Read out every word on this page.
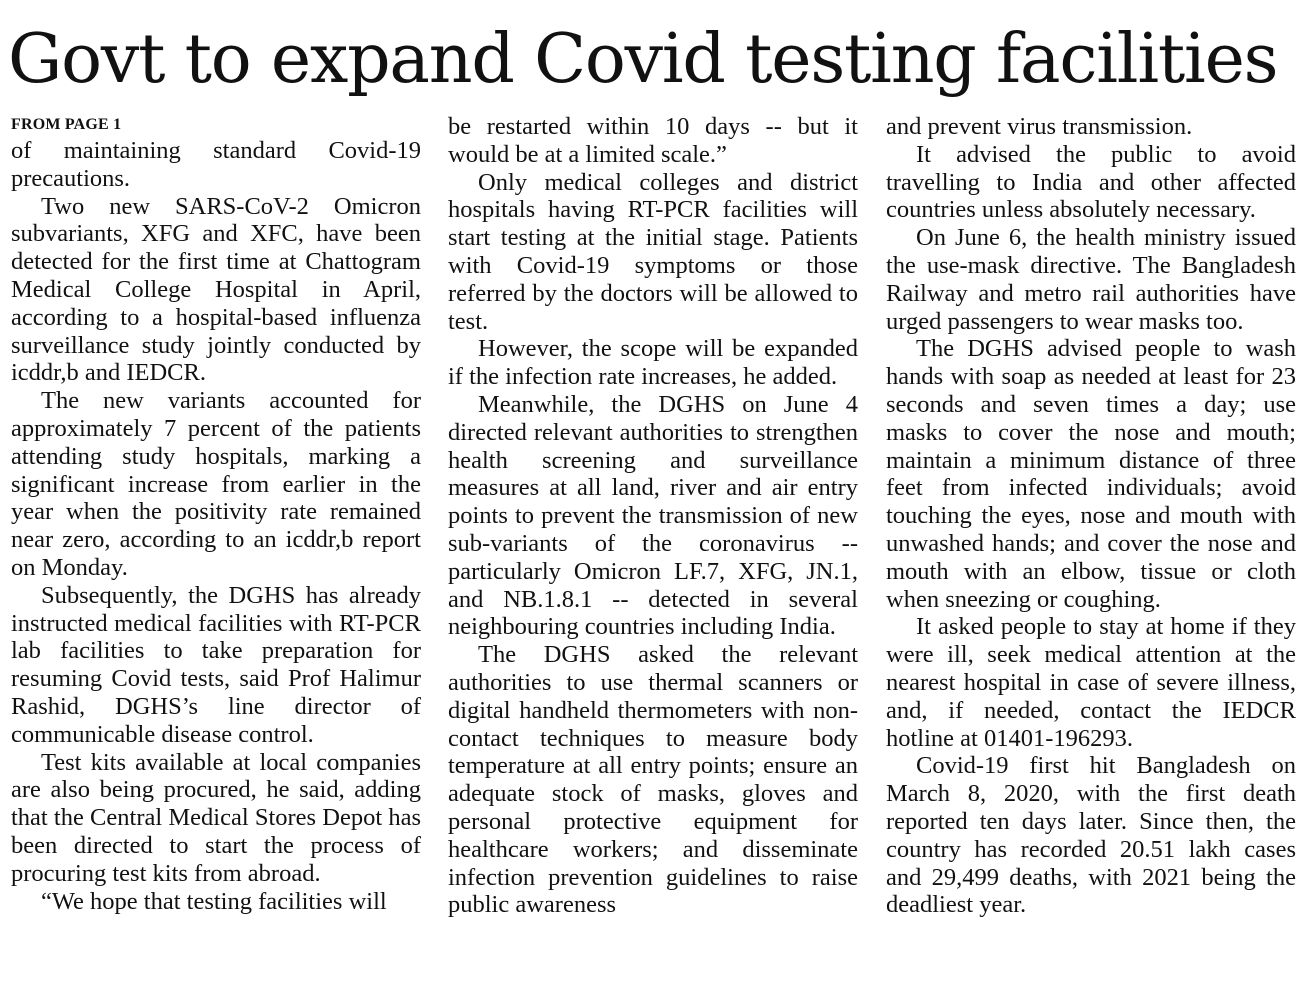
Govt to expand Covid testing facilities
FROM PAGE 1

of maintaining standard Covid-19 precautions.

Two new SARS-CoV-2 Omicron subvariants, XFG and XFC, have been detected for the first time at Chattogram Medical College Hospital in April, according to a hospital-based influenza surveillance study jointly conducted by icddr,b and IEDCR.

The new variants accounted for approximately 7 percent of the patients attending study hospitals, marking a significant increase from earlier in the year when the positivity rate remained near zero, according to an icddr,b report on Monday.

Subsequently, the DGHS has already instructed medical facilities with RT-PCR lab facilities to take preparation for resuming Covid tests, said Prof Halimur Rashid, DGHS’s line director of communicable disease control.

Test kits available at local companies are also being procured, he said, adding that the Central Medical Stores Depot has been directed to start the process of procuring test kits from abroad.

“We hope that testing facilities will

be restarted within 10 days -- but it would be at a limited scale.”

Only medical colleges and district hospitals having RT-PCR facilities will start testing at the initial stage. Patients with Covid-19 symptoms or those referred by the doctors will be allowed to test.

However, the scope will be expanded if the infection rate increases, he added.

Meanwhile, the DGHS on June 4 directed relevant authorities to strengthen health screening and surveillance measures at all land, river and air entry points to prevent the transmission of new sub-variants of the coronavirus -- particularly Omicron LF.7, XFG, JN.1, and NB.1.8.1 -- detected in several neighbouring countries including India.

The DGHS asked the relevant authorities to use thermal scanners or digital handheld thermometers with non-contact techniques to measure body temperature at all entry points; ensure an adequate stock of masks, gloves and personal protective equipment for healthcare workers; and disseminate infection prevention guidelines to raise public awareness

and prevent virus transmission.

It advised the public to avoid travelling to India and other affected countries unless absolutely necessary.

On June 6, the health ministry issued the use-mask directive. The Bangladesh Railway and metro rail authorities have urged passengers to wear masks too.

The DGHS advised people to wash hands with soap as needed at least for 23 seconds and seven times a day; use masks to cover the nose and mouth; maintain a minimum distance of three feet from infected individuals; avoid touching the eyes, nose and mouth with unwashed hands; and cover the nose and mouth with an elbow, tissue or cloth when sneezing or coughing.

It asked people to stay at home if they were ill, seek medical attention at the nearest hospital in case of severe illness, and, if needed, contact the IEDCR hotline at 01401-196293.

Covid-19 first hit Bangladesh on March 8, 2020, with the first death reported ten days later. Since then, the country has recorded 20.51 lakh cases and 29,499 deaths, with 2021 being the deadliest year.
